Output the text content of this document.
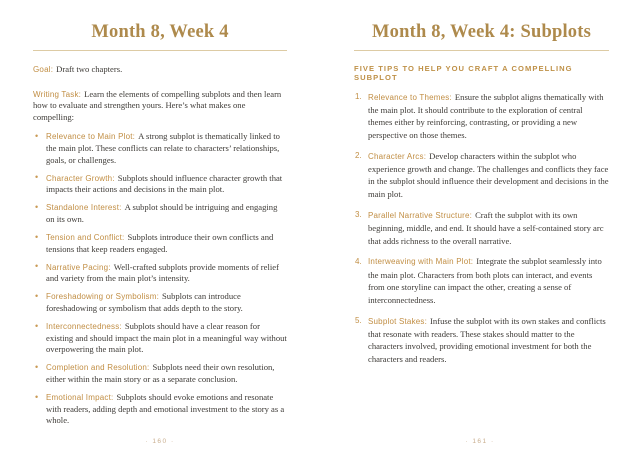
Month 8, Week 4
Goal: Draft two chapters.
Writing Task: Learn the elements of compelling subplots and then learn how to evaluate and strengthen yours. Here’s what makes one compelling:
• Relevance to Main Plot: A strong subplot is thematically linked to the main plot. These conflicts can relate to characters’ relationships, goals, or challenges.
• Character Growth: Subplots should influence character growth that impacts their actions and decisions in the main plot.
• Standalone Interest: A subplot should be intriguing and engaging on its own.
• Tension and Conflict: Subplots introduce their own conflicts and tensions that keep readers engaged.
• Narrative Pacing: Well-crafted subplots provide moments of relief and variety from the main plot’s intensity.
• Foreshadowing or Symbolism: Subplots can introduce foreshadowing or symbolism that adds depth to the story.
• Interconnectedness: Subplots should have a clear reason for existing and should impact the main plot in a meaningful way without overpowering the main plot.
• Completion and Resolution: Subplots need their own resolution, either within the main story or as a separate conclusion.
• Emotional Impact: Subplots should evoke emotions and resonate with readers, adding depth and emotional investment to the story as a whole.
· 160 ·
Month 8, Week 4: Subplots
FIVE TIPS TO HELP YOU CRAFT A COMPELLING SUBPLOT
1. Relevance to Themes: Ensure the subplot aligns thematically with the main plot. It should contribute to the exploration of central themes either by reinforcing, contrasting, or providing a new perspective on those themes.
2. Character Arcs: Develop characters within the subplot who experience growth and change. The challenges and conflicts they face in the subplot should influence their development and decisions in the main plot.
3. Parallel Narrative Structure: Craft the subplot with its own beginning, middle, and end. It should have a self-contained story arc that adds richness to the overall narrative.
4. Interweaving with Main Plot: Integrate the subplot seamlessly into the main plot. Characters from both plots can interact, and events from one storyline can impact the other, creating a sense of interconnectedness.
5. Subplot Stakes: Infuse the subplot with its own stakes and conflicts that resonate with readers. These stakes should matter to the characters involved, providing emotional investment for both the characters and readers.
· 161 ·
